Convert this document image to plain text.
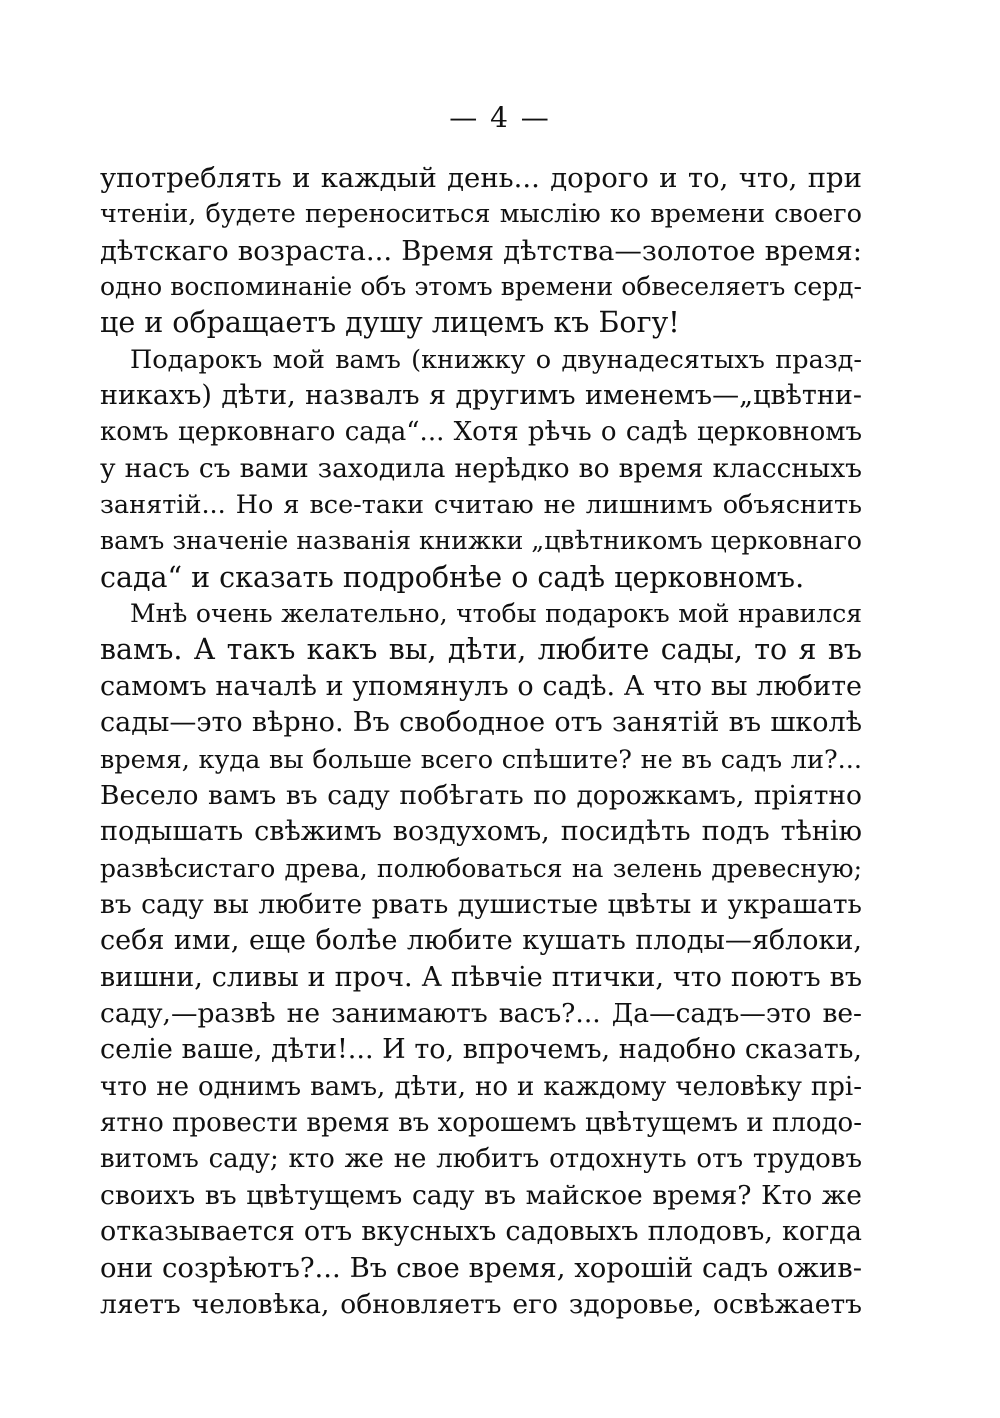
— 4 —
употреблять и каждый день... дорого и то, что, при
чтенiи, будете переноситься мыслiю ко времени своего
дѣтскаго возраста... Время дѣтства—золотое время:
одно воспоминанiе объ этомъ времени обвеселяетъ серд-
це и обращаетъ душу лицемъ къ Богу!
Подарокъ мой вамъ (книжку о двунадесятыхъ празд-
никахъ) дѣти, назвалъ я другимъ именемъ—„цвѣтни-
комъ церковнаго сада“... Хотя рѣчь о садѣ церковномъ
у насъ съ вами заходила нерѣдко во время классныхъ
занятiй... Но я все-таки считаю не лишнимъ объяснить
вамъ значенiе названiя книжки „цвѣтникомъ церковнаго
сада“ и сказать подробнѣе о садѣ церковномъ.
Мнѣ очень желательно, чтобы подарокъ мой нравился
вамъ. А такъ какъ вы, дѣти, любите сады, то я въ
самомъ началѣ и упомянулъ о садѣ. А что вы любите
сады—это вѣрно. Въ свободное отъ занятiй въ школѣ
время, куда вы больше всего спѣшите? не въ садъ ли?...
Весело вамъ въ саду побѣгать по дорожкамъ, прiятно
подышать свѣжимъ воздухомъ, посидѣть подъ тѣнiю
развѣсистаго древа, полюбоваться на зелень древесную;
въ саду вы любите рвать душистые цвѣты и украшать
себя ими, еще болѣе любите кушать плоды—яблоки,
вишни, сливы и проч. А пѣвчiе птички, что поютъ въ
саду,—развѣ не занимаютъ васъ?... Да—садъ—это ве-
селiе ваше, дѣти!... И то, впрочемъ, надобно сказать,
что не однимъ вамъ, дѣти, но и каждому человѣку прi-
ятно провести время въ хорошемъ цвѣтущемъ и плодо-
витомъ саду; кто же не любитъ отдохнуть отъ трудовъ
своихъ въ цвѣтущемъ саду въ майское время? Кто же
отказывается отъ вкусныхъ садовыхъ плодовъ, когда
они созрѣютъ?... Въ свое время, хорошiй садъ ожив-
ляетъ человѣка, обновляетъ его здоровье, освѣжаетъ
